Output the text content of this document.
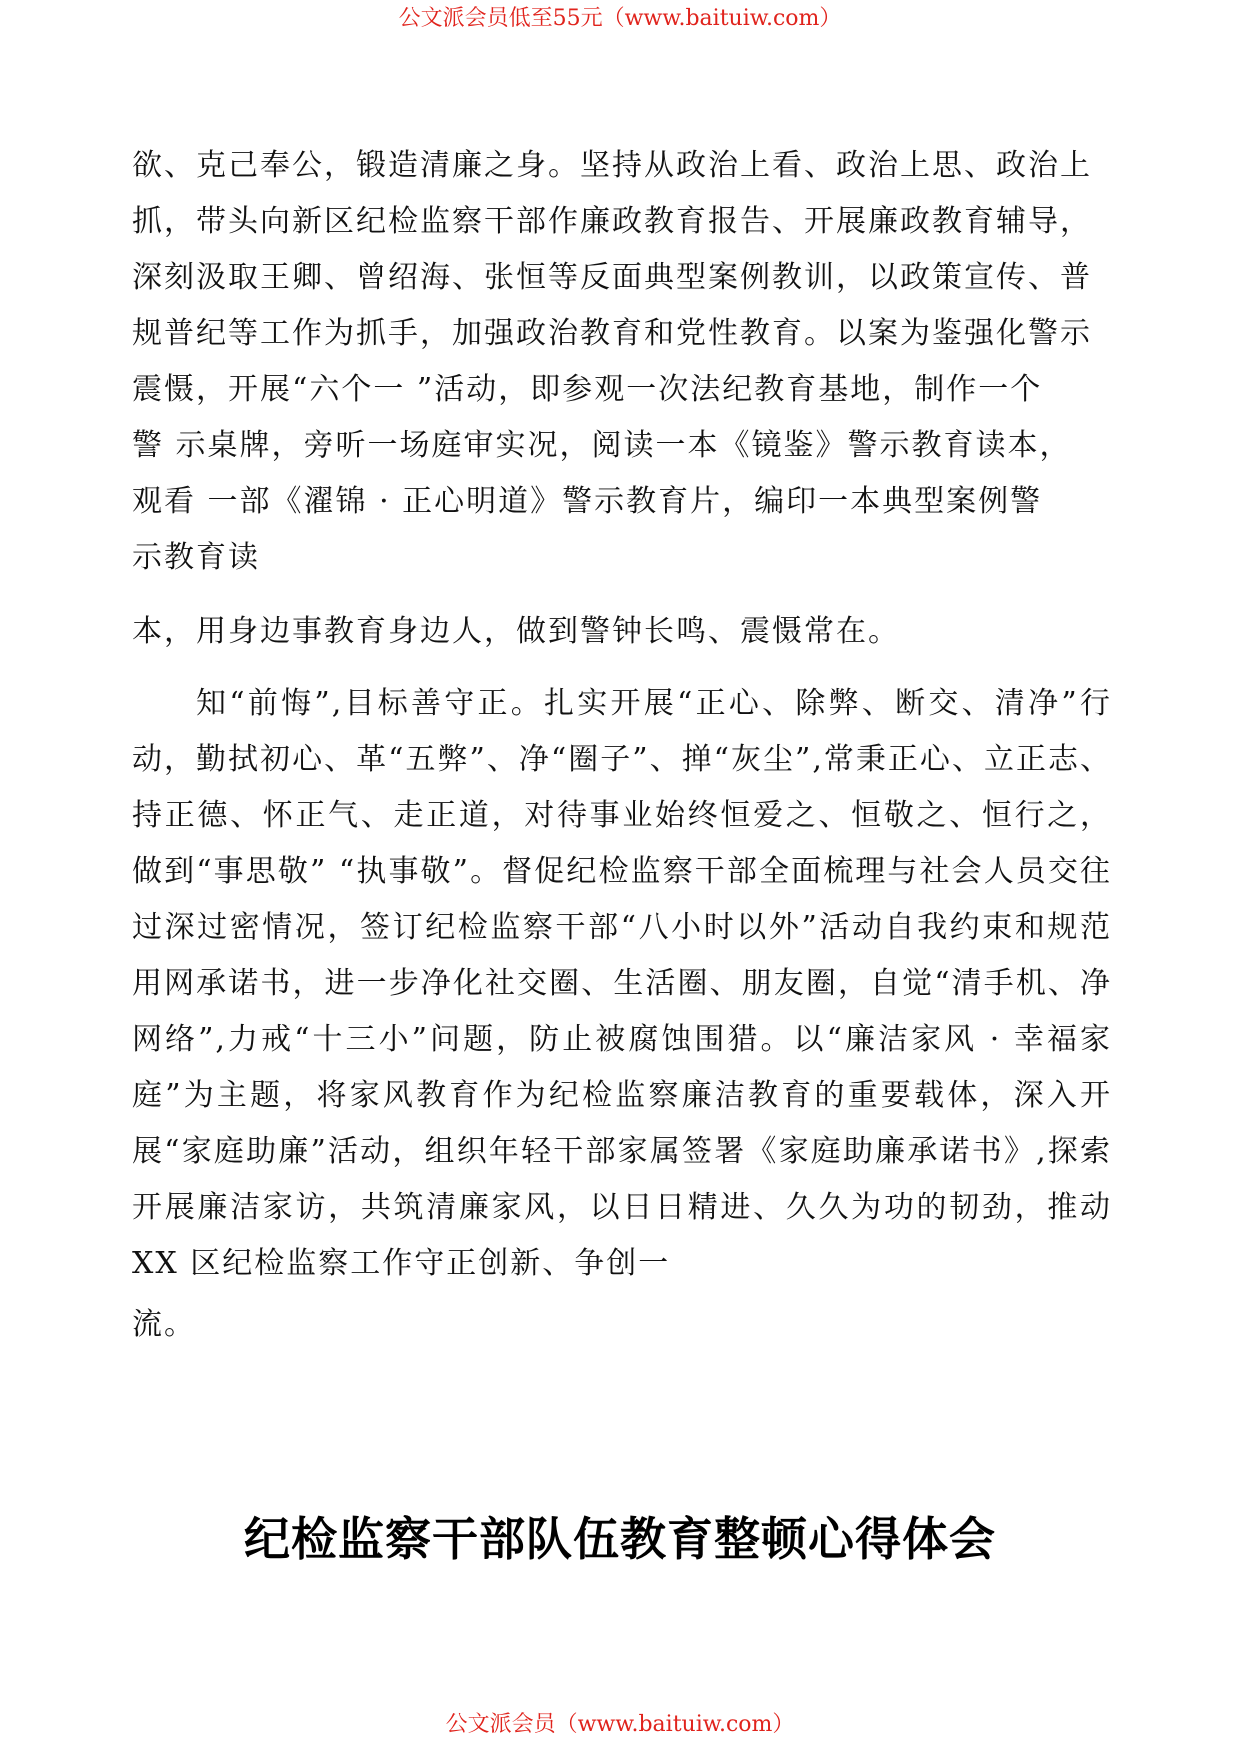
公文派会员低至55元（www.baituiw.com）
欲、克己奉公，锻造清廉之身。坚持从政治上看、政治上思、政治上
抓，带头向新区纪检监察干部作廉政教育报告、开展廉政教育辅导，
深刻汲取王卿、曾绍海、张恒等反面典型案例教训，以政策宣传、普
规普纪等工作为抓手，加强政治教育和党性教育。以案为鉴强化警示
震慑，开展“六个一 ”活动，即参观一次法纪教育基地，制作一个
警 示桌牌，旁听一场庭审实况，阅读一本《镜鉴》警示教育读本，
观看 一部《濯锦 · 正心明道》警示教育片，编印一本典型案例警
示教育读
本，用身边事教育身边人，做到警钟长鸣、震慑常在。
知“前悔”,目标善守正。扎实开展“正心、除弊、断交、清净”行动，勤拭初心、革“五弊”、净“圈子”、掸“灰尘”,常秉正心、立正志、持正德、怀正气、走正道，对待事业始终恒爱之、恒敬之、恒行之，做到“事思敬” “执事敬”。督促纪检监察干部全面梳理与社会人员交往过深过密情况，签订纪检监察干部“八小时以外”活动自我约束和规范用网承诺书，进一步净化社交圈、生活圈、朋友圈，自觉“清手机、净网络”,力戒“十三小”问题，防止被腐蚀围猎。以“廉洁家风 · 幸福家庭”为主题，将家风教育作为纪检监察廉洁教育的重要载体，深入开展“家庭助廉”活动，组织年轻干部家属签署《家庭助廉承诺书》,探索开展廉洁家访，共筑清廉家风，以日日精进、久久为功的韧劲，推动XX 区纪检监察工作守正创新、争创一
流。
纪检监察干部队伍教育整顿心得体会
公文派会员（www.baituiw.com）
